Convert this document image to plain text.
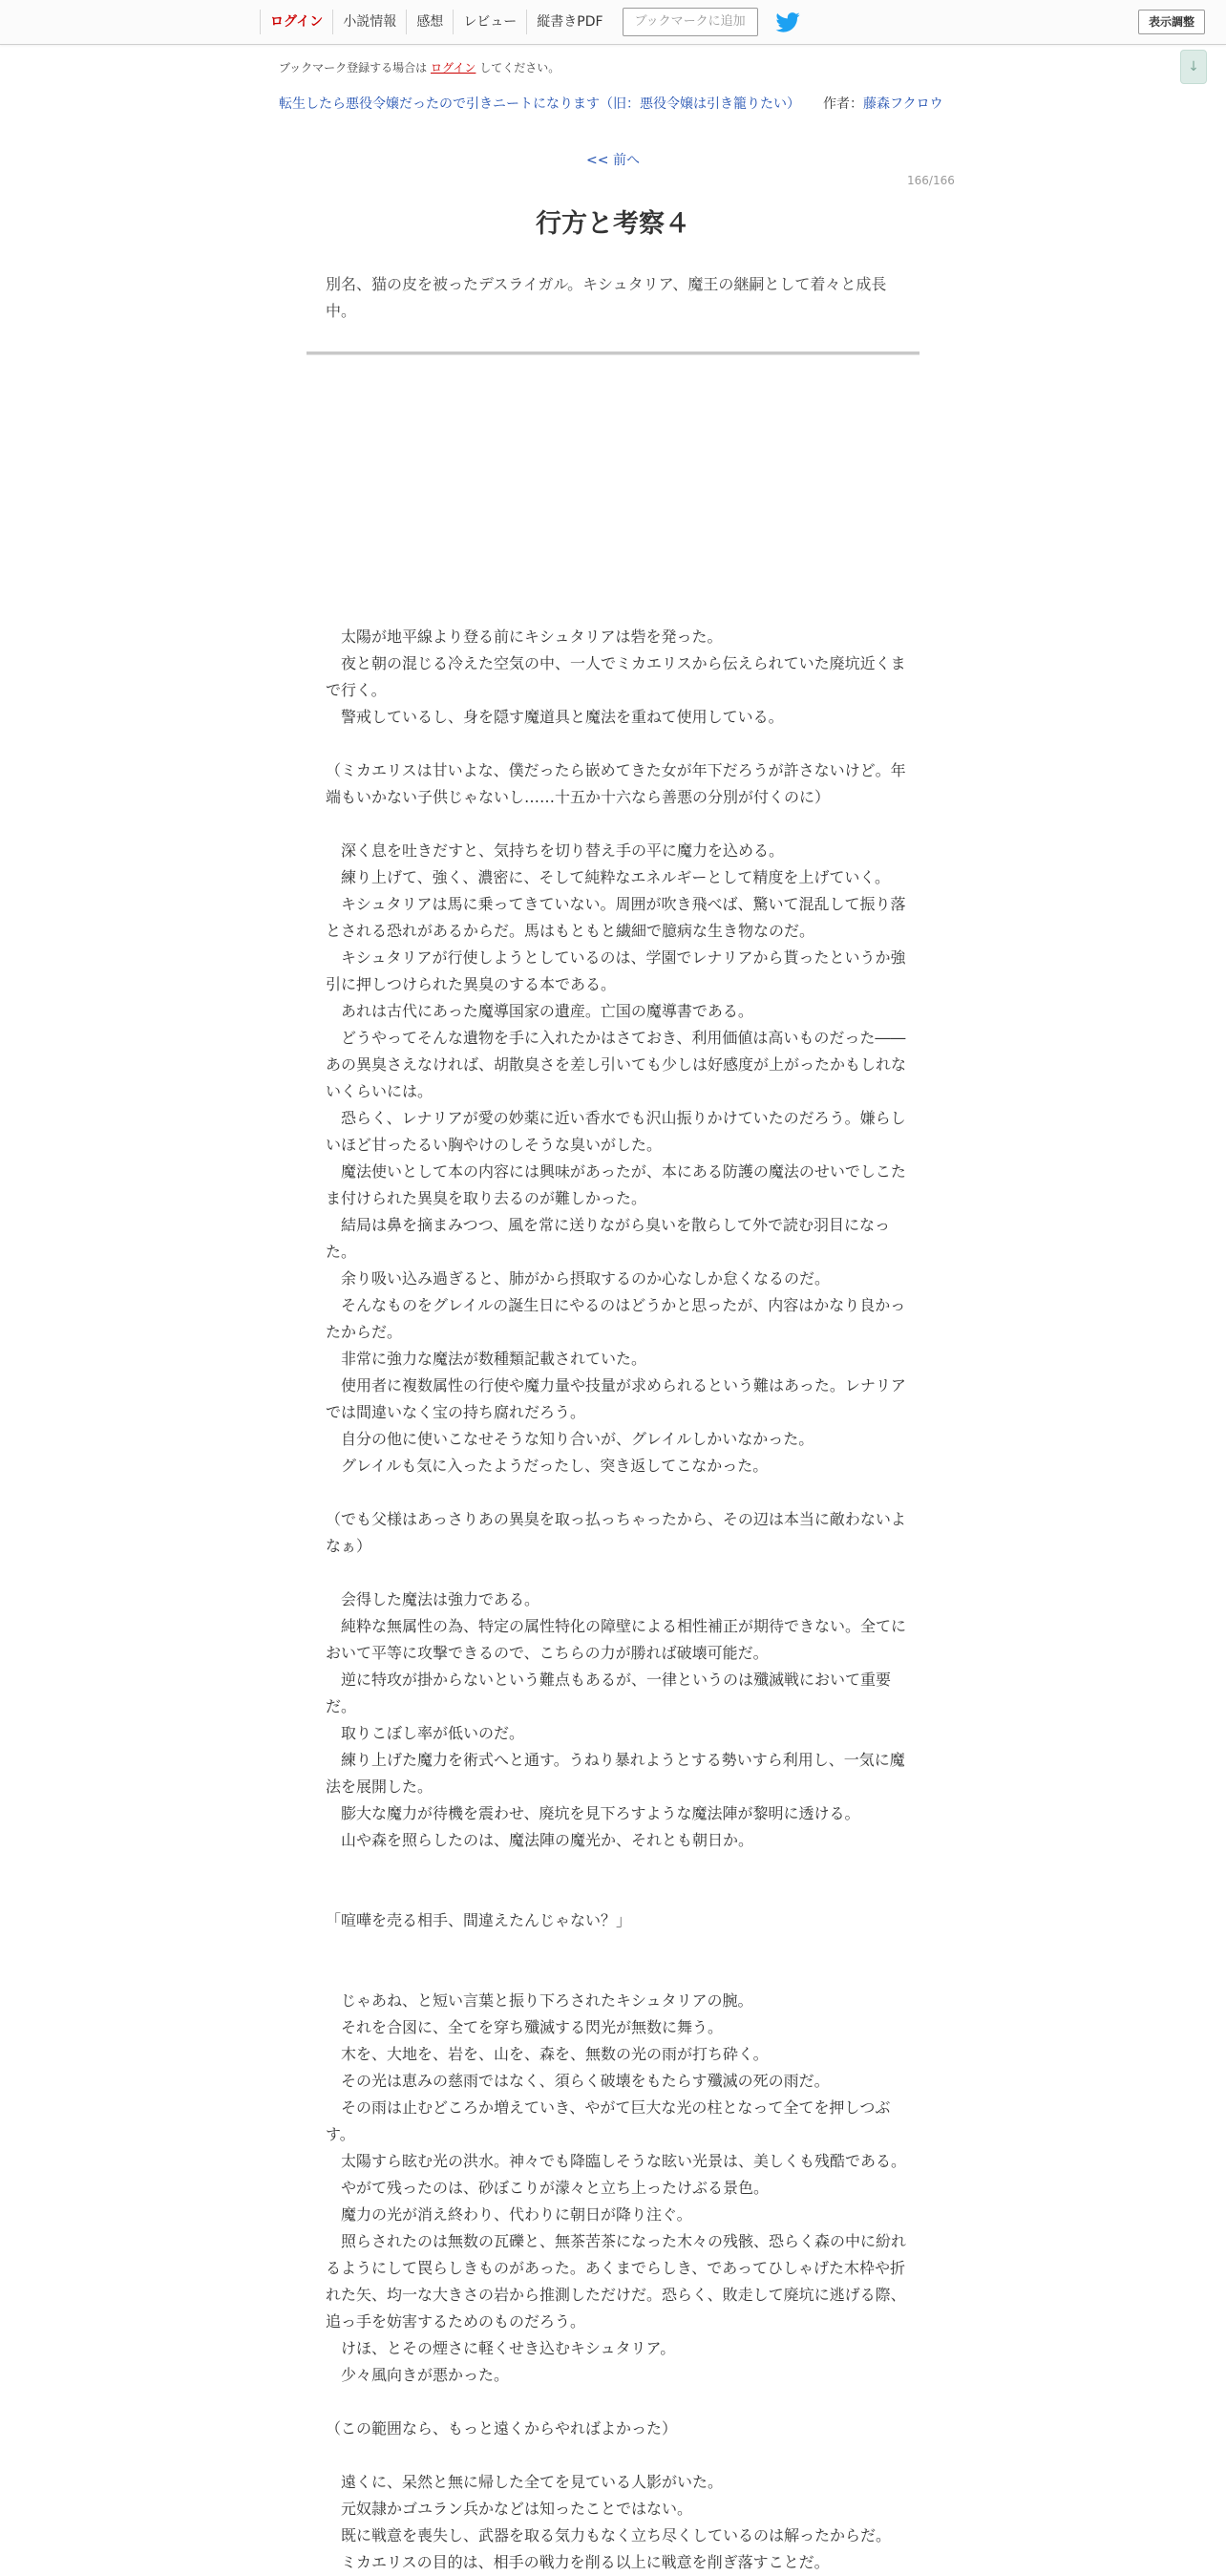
ログイン	小説情報	感想	レビュー	縦書きPDF	ブックマークに追加	表示調整
↓
ブックマーク登録する場合は ログイン してください。
転生したら悪役令嬢だったので引きニートになります（旧：悪役令嬢は引き籠りたい） 作者：藤森フクロウ
<< 前へ
166/166
行方と考察４
別名、猫の皮を被ったデスライガル。キシュタリア、魔王の継嗣として着々と成長中。

　太陽が地平線より登る前にキシュタリアは砦を発った。

　夜と朝の混じる冷えた空気の中、一人でミカエリスから伝えられていた廃坑近くまで行く。

　警戒しているし、身を隠す魔道具と魔法を重ねて使用している。

（ミカエリスは甘いよな、僕だったら嵌めてきた女が年下だろうが許さないけど。年端もいかない子供じゃないし……十五か十六なら善悪の分別が付くのに）

　深く息を吐きだすと、気持ちを切り替え手の平に魔力を込める。

　練り上げて、強く、濃密に、そして純粋なエネルギーとして精度を上げていく。

　キシュタリアは馬に乗ってきていない。周囲が吹き飛べば、驚いて混乱して振り落とされる恐れがあるからだ。馬はもともと繊細で臆病な生き物なのだ。

　キシュタリアが行使しようとしているのは、学園でレナリアから貰ったというか強引に押しつけられた異臭のする本である。

　あれは古代にあった魔導国家の遺産。亡国の魔導書である。

　どうやってそんな遺物を手に入れたかはさておき、利用価値は高いものだった――あの異臭さえなければ、胡散臭さを差し引いても少しは好感度が上がったかもしれないくらいには。

　恐らく、レナリアが愛の妙薬に近い香水でも沢山振りかけていたのだろう。嫌らしいほど甘ったるい胸やけのしそうな臭いがした。

　魔法使いとして本の内容には興味があったが、本にある防護の魔法のせいでしこたま付けられた異臭を取り去るのが難しかった。

　結局は鼻を摘まみつつ、風を常に送りながら臭いを散らして外で読む羽目になった。

　余り吸い込み過ぎると、肺がから摂取するのか心なしか怠くなるのだ。

　そんなものをグレイルの誕生日にやるのはどうかと思ったが、内容はかなり良かったからだ。

　非常に強力な魔法が数種類記載されていた。

　使用者に複数属性の行使や魔力量や技量が求められるという難はあった。レナリアでは間違いなく宝の持ち腐れだろう。

　自分の他に使いこなせそうな知り合いが、グレイルしかいなかった。

　グレイルも気に入ったようだったし、突き返してこなかった。

（でも父様はあっさりあの異臭を取っ払っちゃったから、その辺は本当に敵わないよなぁ）

　会得した魔法は強力である。

　純粋な無属性の為、特定の属性特化の障壁による相性補正が期待できない。全てにおいて平等に攻撃できるので、こちらの力が勝れば破壊可能だ。

　逆に特攻が掛からないという難点もあるが、一律というのは殲滅戦において重要だ。

　取りこぼし率が低いのだ。

　練り上げた魔力を術式へと通す。うねり暴れようとする勢いすら利用し、一気に魔法を展開した。

　膨大な魔力が待機を震わせ、廃坑を見下ろすような魔法陣が黎明に透ける。

　山や森を照らしたのは、魔法陣の魔光か、それとも朝日か。

「喧嘩を売る相手、間違えたんじゃない？」

　じゃあね、と短い言葉と振り下ろされたキシュタリアの腕。

　それを合図に、全てを穿ち殲滅する閃光が無数に舞う。

　木を、大地を、岩を、山を、森を、無数の光の雨が打ち砕く。

　その光は恵みの慈雨ではなく、須らく破壊をもたらす殲滅の死の雨だ。

　その雨は止むどころか増えていき、やがて巨大な光の柱となって全てを押しつぶす。

　太陽すら眩む光の洪水。神々でも降臨しそうな眩い光景は、美しくも残酷である。

　やがて残ったのは、砂ぼこりが濛々と立ち上ったけぶる景色。

　魔力の光が消え終わり、代わりに朝日が降り注ぐ。

　照らされたのは無数の瓦礫と、無茶苦茶になった木々の残骸、恐らく森の中に紛れるようにして罠らしきものがあった。あくまでらしき、であってひしゃげた木枠や折れた矢、均一な大きさの岩から推測しただけだ。恐らく、敗走して廃坑に逃げる際、追っ手を妨害するためのものだろう。

　けほ、とその煙さに軽くせき込むキシュタリア。

　少々風向きが悪かった。

（この範囲なら、もっと遠くからやればよかった）

　遠くに、呆然と無に帰した全てを見ている人影がいた。

　元奴隷かゴユラン兵かなどは知ったことではない。

　既に戦意を喪失し、武器を取る気力もなく立ち尽くしているのは解ったからだ。

　ミカエリスの目的は、相手の戦力を削る以上に戦意を削ぎ落すことだ。
